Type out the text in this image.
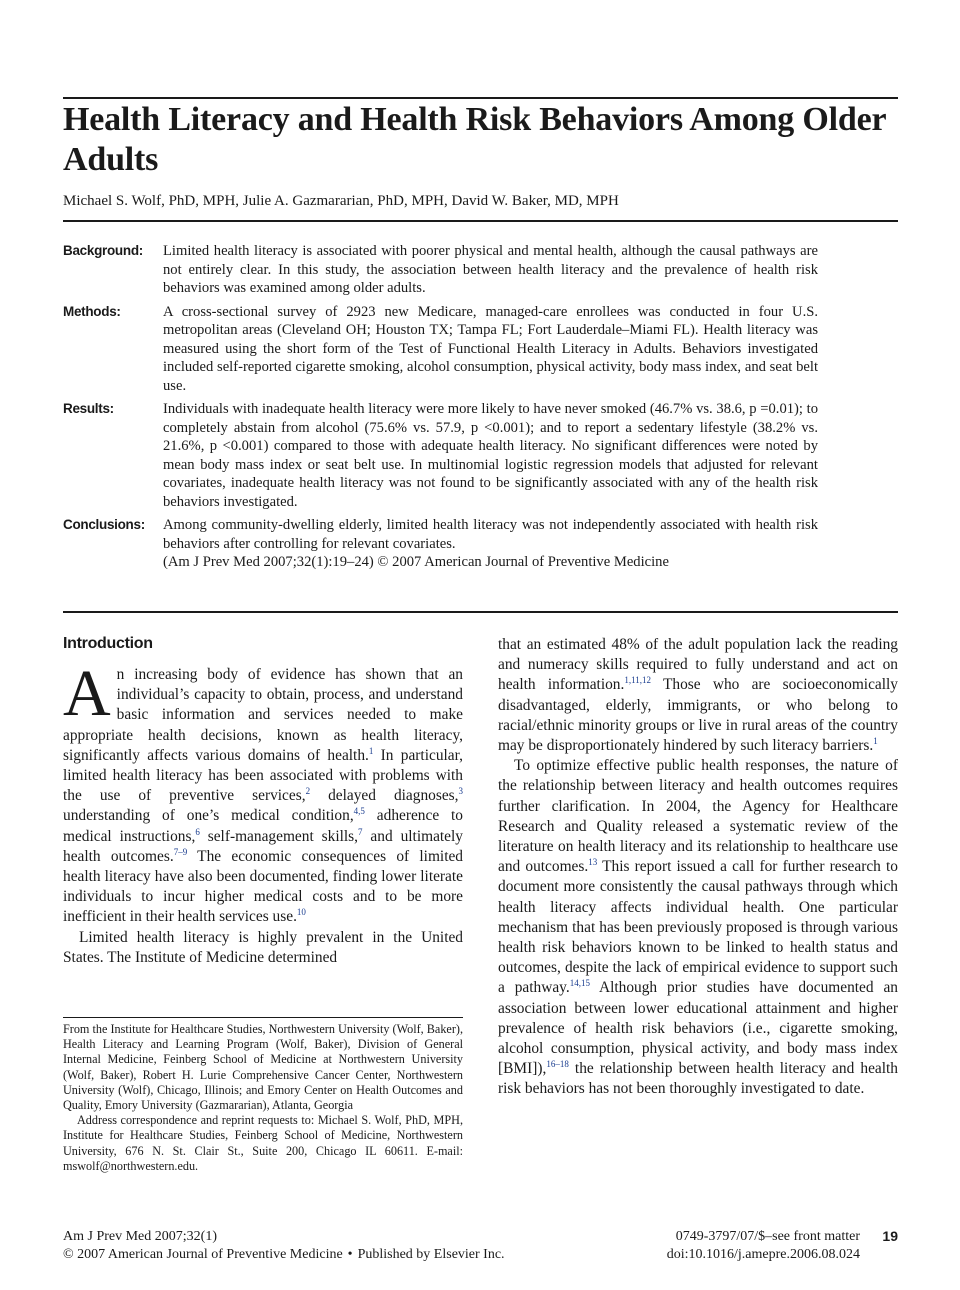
Health Literacy and Health Risk Behaviors Among Older Adults
Michael S. Wolf, PhD, MPH, Julie A. Gazmararian, PhD, MPH, David W. Baker, MD, MPH
Background:	Limited health literacy is associated with poorer physical and mental health, although the causal pathways are not entirely clear. In this study, the association between health literacy and the prevalence of health risk behaviors was examined among older adults.
Methods:	A cross-sectional survey of 2923 new Medicare, managed-care enrollees was conducted in four U.S. metropolitan areas (Cleveland OH; Houston TX; Tampa FL; Fort Lauderdale–Miami FL). Health literacy was measured using the short form of the Test of Functional Health Literacy in Adults. Behaviors investigated included self-reported cigarette smoking, alcohol consumption, physical activity, body mass index, and seat belt use.
Results:	Individuals with inadequate health literacy were more likely to have never smoked (46.7% vs. 38.6, p =0.01); to completely abstain from alcohol (75.6% vs. 57.9, p <0.001); and to report a sedentary lifestyle (38.2% vs. 21.6%, p <0.001) compared to those with adequate health literacy. No significant differences were noted by mean body mass index or seat belt use. In multinomial logistic regression models that adjusted for relevant covariates, inadequate health literacy was not found to be significantly associated with any of the health risk behaviors investigated.
Conclusions:	Among community-dwelling elderly, limited health literacy was not independently associated with health risk behaviors after controlling for relevant covariates.
(Am J Prev Med 2007;32(1):19–24) © 2007 American Journal of Preventive Medicine
Introduction

An increasing body of evidence has shown that an individual’s capacity to obtain, process, and understand basic information and services needed to make appropriate health decisions, known as health literacy, significantly affects various domains of health.$^1$ In particular, limited health literacy has been associated with problems with the use of preventive services,$^2$ delayed diagnoses,$^3$ understanding of one’s medical condition,$^{4,5}$ adherence to medical instructions,$^6$ self-management skills,$^7$ and ultimately health outcomes.$^{7-9}$ The economic consequences of limited health literacy have also been documented, finding lower literate individuals to incur higher medical costs and to be more inefficient in their health services use.$^{10}$

Limited health literacy is highly prevalent in the United States. The Institute of Medicine determined

that an estimated 48% of the adult population lack the reading and numeracy skills required to fully understand and act on health information.$^{1,11,12}$ Those who are socioeconomically disadvantaged, elderly, immigrants, or who belong to racial/ethnic minority groups or live in rural areas of the country may be disproportionately hindered by such literacy barriers.$^1$

To optimize effective public health responses, the nature of the relationship between literacy and health outcomes requires further clarification. In 2004, the Agency for Healthcare Research and Quality released a systematic review of the literature on health literacy and its relationship to healthcare use and outcomes.$^{13}$ This report issued a call for further research to document more consistently the causal pathways through which health literacy affects individual health. One particular mechanism that has been previously proposed is through various health risk behaviors known to be linked to health status and outcomes, despite the lack of empirical evidence to support such a pathway.$^{14,15}$ Although prior studies have documented an association between lower educational attainment and higher prevalence of health risk behaviors (i.e., cigarette smoking, alcohol consumption, physical activity, and body mass index [BMI]),$^{16-18}$ the relationship between health literacy and health risk behaviors has not been thoroughly investigated to date.

From the Institute for Healthcare Studies, Northwestern University (Wolf, Baker), Health Literacy and Learning Program (Wolf, Baker), Division of General Internal Medicine, Feinberg School of Medicine at Northwestern University (Wolf, Baker), Robert H. Lurie Comprehensive Cancer Center, Northwestern University (Wolf), Chicago, Illinois; and Emory Center on Health Outcomes and Quality, Emory University (Gazmararian), Atlanta, Georgia

Address correspondence and reprint requests to: Michael S. Wolf, PhD, MPH, Institute for Healthcare Studies, Feinberg School of Medicine, Northwestern University, 676 N. St. Clair St., Suite 200, Chicago IL 60611. E-mail: mswolf@northwestern.edu.

Am J Prev Med 2007;32(1)
© 2007 American Journal of Preventive Medicine • Published by Elsevier Inc.
0749-3797/07/$–see front matter
doi:10.1016/j.amepre.2006.08.024
19
